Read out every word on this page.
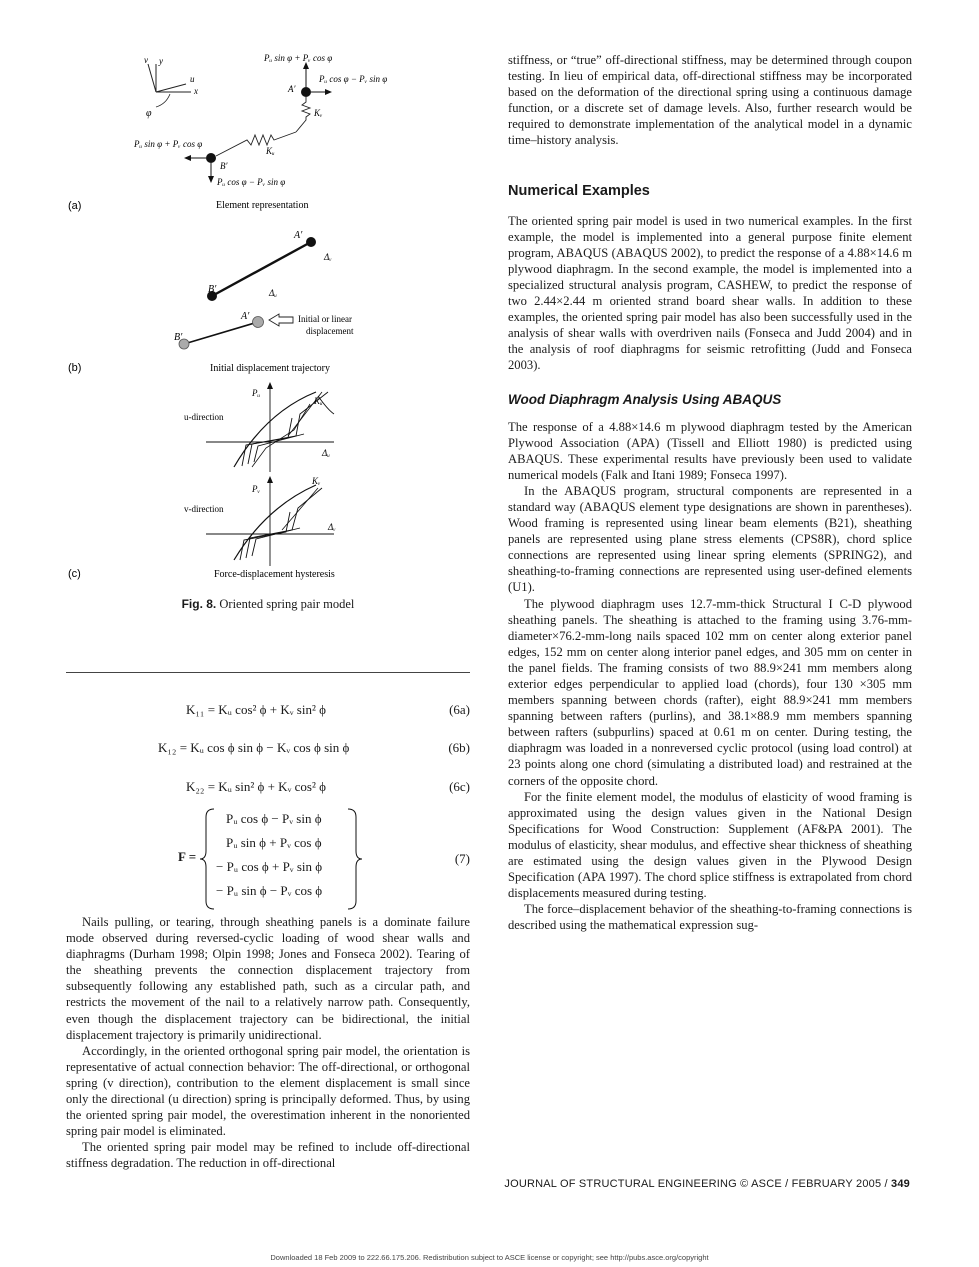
v y
u
x
φ
Pᵤ sin φ + Pᵥ cos φ
Pᵤ cos φ − Pᵥ sin φ
A′
Kᵥ
Kᵤ
Pᵤ sin φ + Pᵥ cos φ
B′
Pᵤ cos φ − Pᵥ sin φ
(a)	Element representation
A′
Δᵥ
B′	Δᵤ
A′
B′
Initial or linear
displacement
(b)	Initial displacement trajectory
u-direction
Pᵤ
Kᵤ
Δᵤ
v-direction
Pᵥ
Kᵥ
Δᵥ
(c)	Force-displacement hysteresis
Fig. 8. Oriented spring pair model
K₁₁ = Kᵤ cos² ϕ + Kᵥ sin² ϕ	(6a)
K₁₂ = Kᵤ cos ϕ sin ϕ − Kᵥ cos ϕ sin ϕ	(6b)
K₂₂ = Kᵤ sin² ϕ + Kᵥ cos² ϕ	(6c)
F =
Pᵤ cos ϕ − Pᵥ sin ϕ
Pᵤ sin ϕ + Pᵥ cos ϕ
− Pᵤ cos ϕ + Pᵥ sin ϕ
− Pᵤ sin ϕ − Pᵥ cos ϕ
(7)

Nails pulling, or tearing, through sheathing panels is a dominate failure mode observed during reversed-cyclic loading of wood shear walls and diaphragms (Durham 1998; Olpin 1998; Jones and Fonseca 2002). Tearing of the sheathing prevents the connection displacement trajectory from subsequently following any established path, such as a circular path, and restricts the movement of the nail to a relatively narrow path. Consequently, even though the displacement trajectory can be bidirectional, the initial displacement trajectory is primarily unidirectional.

Accordingly, in the oriented orthogonal spring pair model, the orientation is representative of actual connection behavior: The off-directional, or orthogonal spring (v direction), contribution to the element displacement is small since only the directional (u direction) spring is principally deformed. Thus, by using the oriented spring pair model, the overestimation inherent in the nonoriented spring pair model is eliminated.

The oriented spring pair model may be refined to include off-directional stiffness degradation. The reduction in off-directional

stiffness, or “true” off-directional stiffness, may be determined through coupon testing. In lieu of empirical data, off-directional stiffness may be incorporated based on the deformation of the directional spring using a continuous damage function, or a discrete set of damage levels. Also, further research would be required to demonstrate implementation of the analytical model in a dynamic time–history analysis.

Numerical Examples

The oriented spring pair model is used in two numerical examples. In the first example, the model is implemented into a general purpose finite element program, ABAQUS (ABAQUS 2002), to predict the response of a 4.88×14.6 m plywood diaphragm. In the second example, the model is implemented into a specialized structural analysis program, CASHEW, to predict the response of two 2.44×2.44 m oriented strand board shear walls. In addition to these examples, the oriented spring pair model has also been successfully used in the analysis of shear walls with overdriven nails (Fonseca and Judd 2004) and in the analysis of roof diaphragms for seismic retrofitting (Judd and Fonseca 2003).

Wood Diaphragm Analysis Using ABAQUS

The response of a 4.88×14.6 m plywood diaphragm tested by the American Plywood Association (APA) (Tissell and Elliott 1980) is predicted using ABAQUS. These experimental results have previously been used to validate numerical models (Falk and Itani 1989; Fonseca 1997).

In the ABAQUS program, structural components are represented in a standard way (ABAQUS element type designations are shown in parentheses). Wood framing is represented using linear beam elements (B21), sheathing panels are represented using plane stress elements (CPS8R), chord splice connections are represented using linear spring elements (SPRING2), and sheathing-to-framing connections are represented using user-defined elements (U1).

The plywood diaphragm uses 12.7-mm-thick Structural I C-D plywood sheathing panels. The sheathing is attached to the framing using 3.76-mm-diameter×76.2-mm-long nails spaced 102 mm on center along exterior panel edges, 152 mm on center along interior panel edges, and 305 mm on center in the panel fields. The framing consists of two 88.9×241 mm members along exterior edges perpendicular to applied load (chords), four 130 ×305 mm members spanning between chords (rafter), eight 88.9×241 mm members spanning between rafters (purlins), and 38.1×88.9 mm members spanning between rafters (subpurlins) spaced at 0.61 m on center. During testing, the diaphragm was loaded in a nonreversed cyclic protocol (using load control) at 23 points along one chord (simulating a distributed load) and restrained at the corners of the opposite chord.

For the finite element model, the modulus of elasticity of wood framing is approximated using the design values given in the National Design Specifications for Wood Construction: Supplement (AF&PA 2001). The modulus of elasticity, shear modulus, and effective shear thickness of sheathing are estimated using the design values given in the Plywood Design Specification (APA 1997). The chord splice stiffness is extrapolated from chord displacements measured during testing.

The force–displacement behavior of the sheathing-to-framing connections is described using the mathematical expression sug-

JOURNAL OF STRUCTURAL ENGINEERING © ASCE / FEBRUARY 2005 / 349
Downloaded 18 Feb 2009 to 222.66.175.206. Redistribution subject to ASCE license or copyright; see http://pubs.asce.org/copyright
